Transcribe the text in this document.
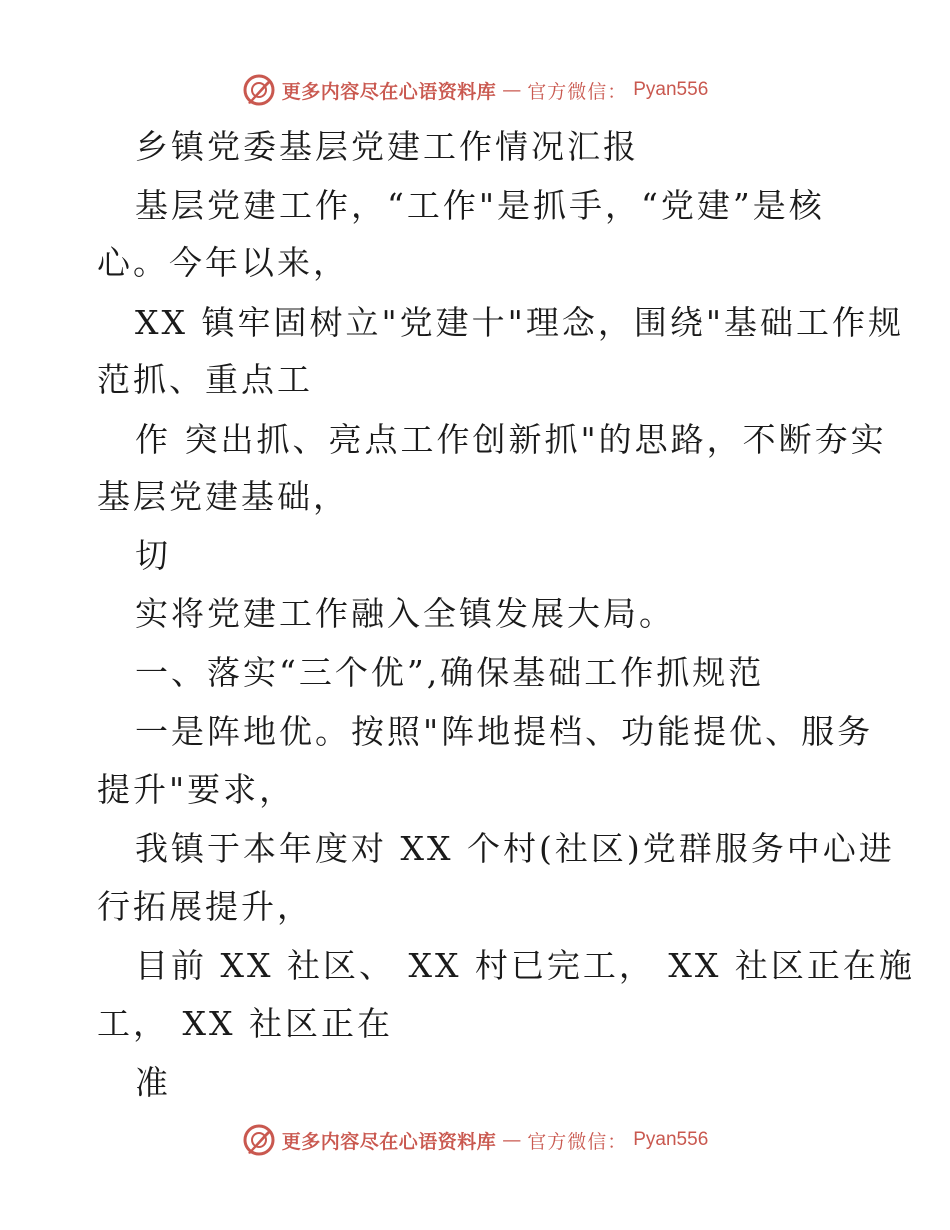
更多内容尽在心语资料库 — 官方微信： Pyan556
乡镇党委基层党建工作情况汇报
基层党建工作，“工作"是抓手，“党建”是核
心。今年以来，
XX 镇牢固树立"党建十"理念，围绕"基础工作规
范抓、重点工
作 突出抓、亮点工作创新抓"的思路，不断夯实
基层党建基础，
切
实将党建工作融入全镇发展大局。
一、落实“三个优”,确保基础工作抓规范
一是阵地优。按照"阵地提档、功能提优、服务
提升"要求，
我镇于本年度对 XX 个村(社区)党群服务中心进
行拓展提升，
目前 XX 社区、 XX 村已完工， XX 社区正在施
工， XX 社区正在
准
更多内容尽在心语资料库 — 官方微信： Pyan556
